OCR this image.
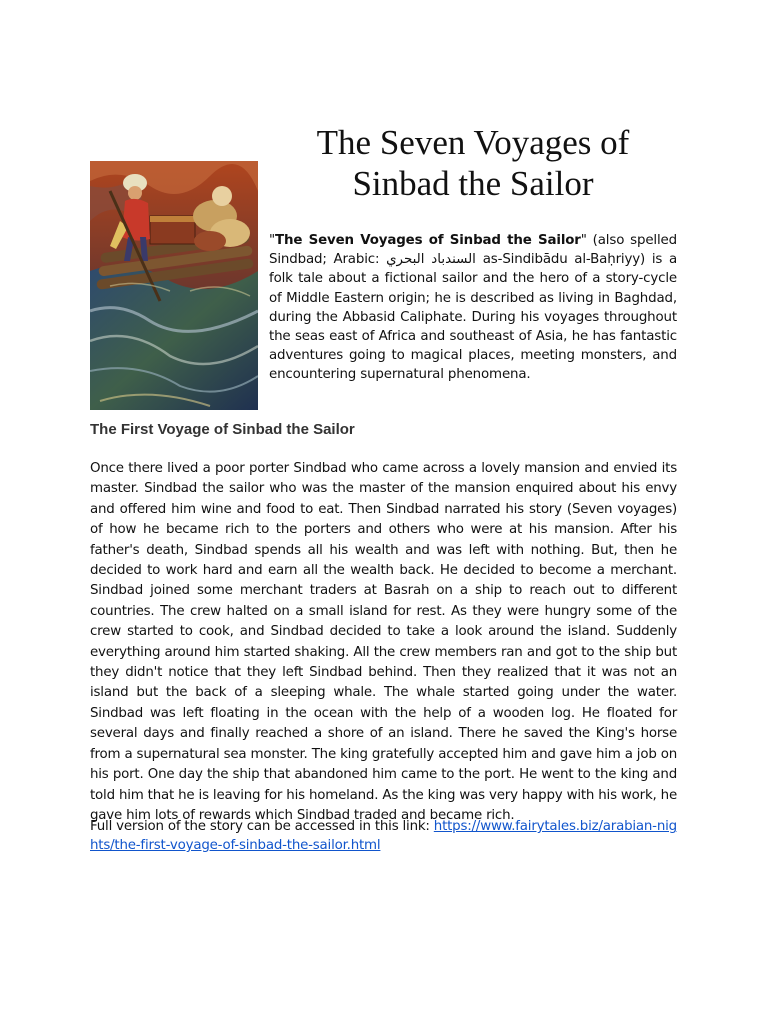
The Seven Voyages of
Sinbad the Sailor

"The Seven Voyages of Sinbad the Sailor" (also spelled Sindbad; Arabic: السندباد البحري as-Sindibādu al-Baḥriyy) is a folk tale about a fictional sailor and the hero of a story-cycle of Middle Eastern origin; he is described as living in Baghdad, during the Abbasid Caliphate. During his voyages throughout the seas east of Africa and southeast of Asia, he has fantastic adventures going to magical places, meeting monsters, and encountering supernatural phenomena.

The First Voyage of Sinbad the Sailor

Once there lived a poor porter Sindbad who came across a lovely mansion and envied its master. Sindbad the sailor who was the master of the mansion enquired about his envy and offered him wine and food to eat. Then Sindbad narrated his story (Seven voyages) of how he became rich to the porters and others who were at his mansion. After his father's death, Sindbad spends all his wealth and was left with nothing. But, then he decided to work hard and earn all the wealth back. He decided to become a merchant. Sindbad joined some merchant traders at Basrah on a ship to reach out to different countries. The crew halted on a small island for rest. As they were hungry some of the crew started to cook, and Sindbad decided to take a look around the island. Suddenly everything around him started shaking. All the crew members ran and got to the ship but they didn't notice that they left Sindbad behind. Then they realized that it was not an island but the back of a sleeping whale. The whale started going under the water. Sindbad was left floating in the ocean with the help of a wooden log. He floated for several days and finally reached a shore of an island. There he saved the King's horse from a supernatural sea monster. The king gratefully accepted him and gave him a job on his port. One day the ship that abandoned him came to the port. He went to the king and told him that he is leaving for his homeland. As the king was very happy with his work, he gave him lots of rewards which Sindbad traded and became rich.

Full version of the story can be accessed in this link: https://www.fairytales.biz/arabian-nights/the-first-voyage-of-sinbad-the-sailor.html
